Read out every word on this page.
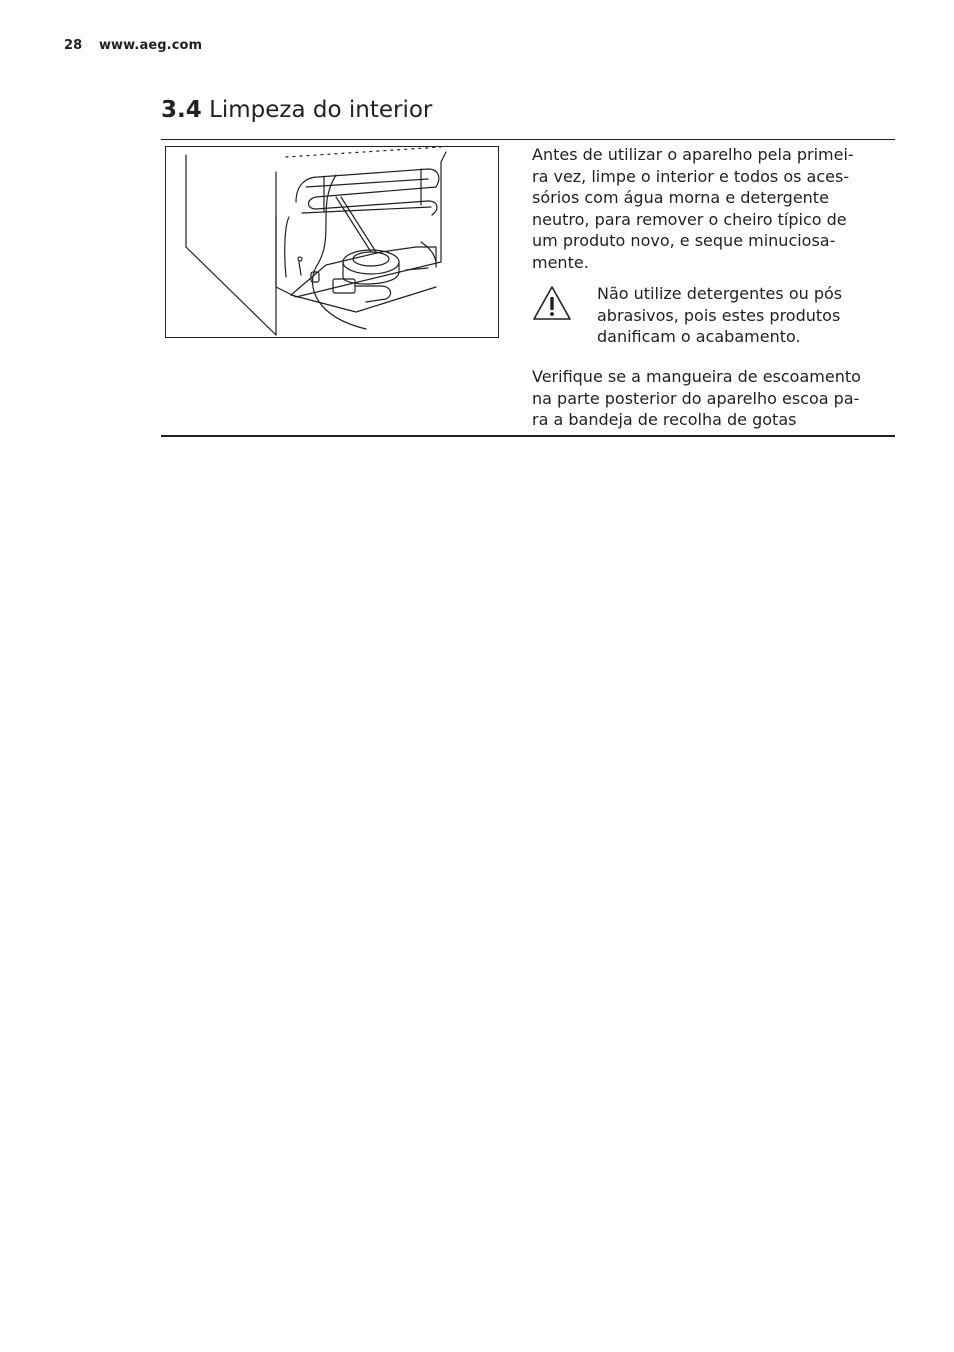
28 www.aeg.com
3.4 Limpeza do interior
Antes de utilizar o aparelho pela primei-
ra vez, limpe o interior e todos os aces-
sórios com água morna e detergente
neutro, para remover o cheiro típico de
um produto novo, e seque minuciosa-
mente.
Não utilize detergentes ou pós
abrasivos, pois estes produtos
danificam o acabamento.
Verifique se a mangueira de escoamento
na parte posterior do aparelho escoa pa-
ra a bandeja de recolha de gotas
